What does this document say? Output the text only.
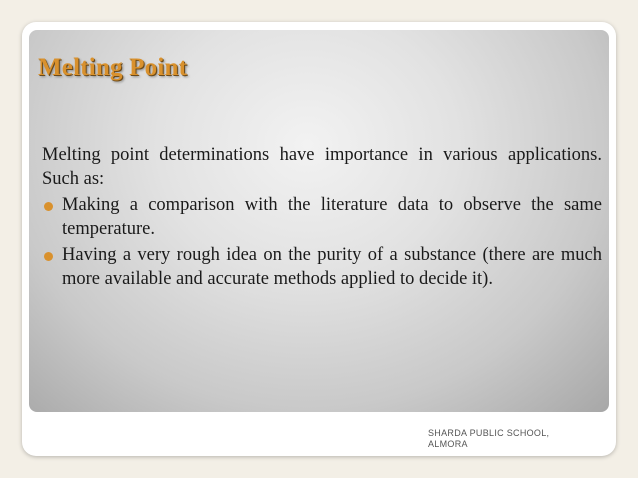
Melting Point

Melting point determinations have importance in various applications. Such as:

Making a comparison with the literature data to observe the same temperature.
Having a very rough idea on the purity of a substance (there are much more available and accurate methods applied to decide it).
SHARDA PUBLIC SCHOOL, ALMORA
